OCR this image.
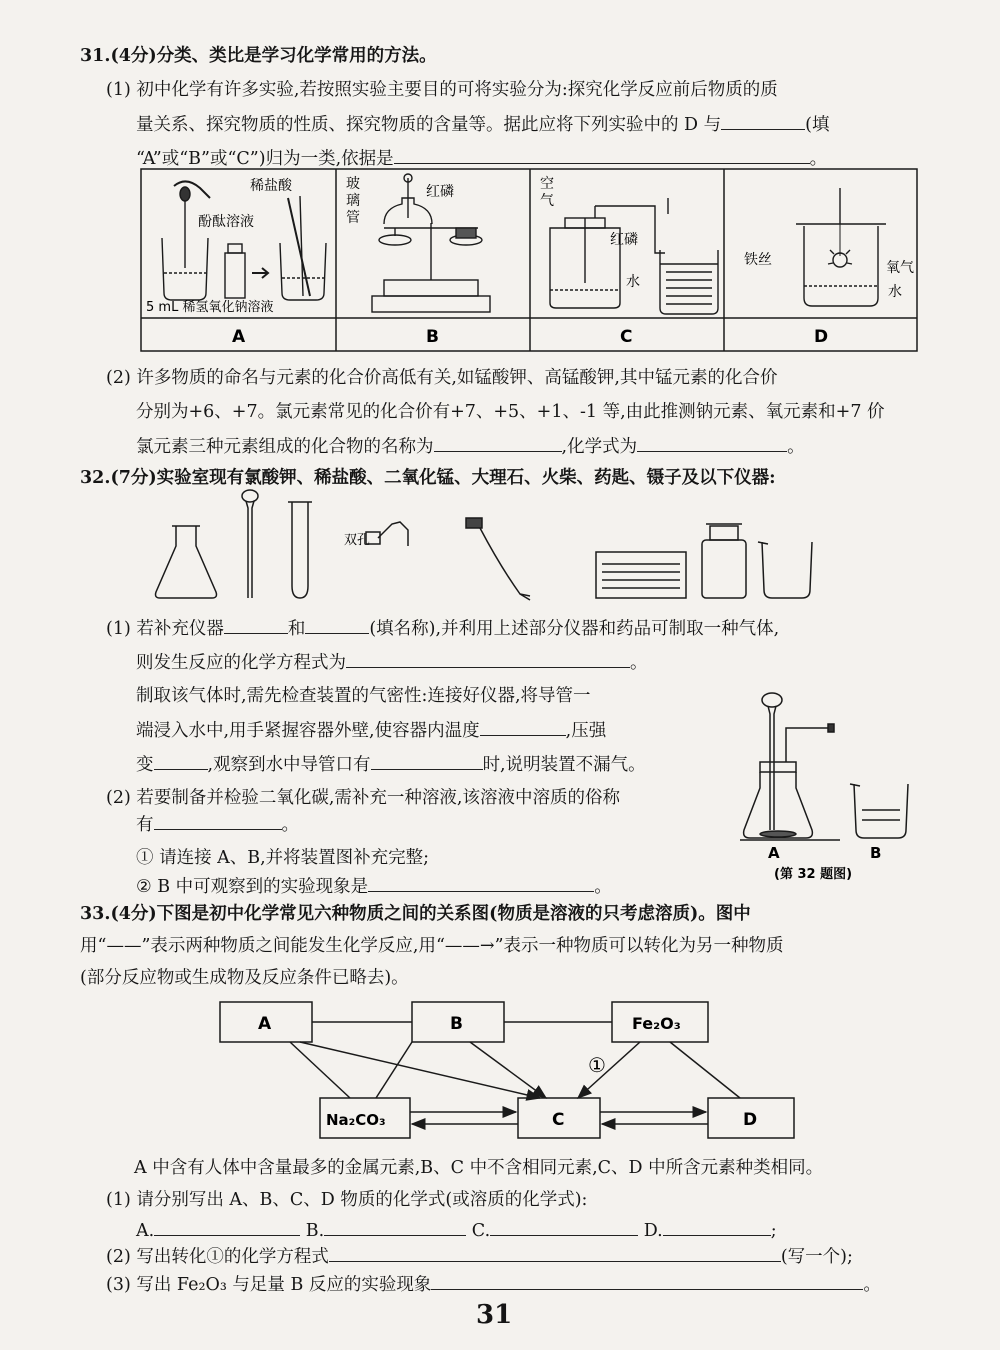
31.(4分)分类、类比是学习化学常用的方法。
(1) 初中化学有许多实验,若按照实验主要目的可将实验分为:探究化学反应前后物质的质
量关系、探究物质的性质、探究物质的含量等。据此应将下列实验中的 D 与	(填
“A”或“B”或“C”)归为一类,依据是	。
稀盐酸
酚酞溶液
5 mL 稀氢氧化钠溶液
A
玻璃管
红磷
B
空气
红磷
水
C
铁丝	氧气
水
D
(2) 许多物质的命名与元素的化合价高低有关,如锰酸钾、高锰酸钾,其中锰元素的化合价
分别为+6、+7。氯元素常见的化合价有+7、+5、+1、-1 等,由此推测钠元素、氧元素和+7 价
氯元素三种元素组成的化合物的名称为	,化学式为	。
32.(7分)实验室现有氯酸钾、稀盐酸、二氧化锰、大理石、火柴、药匙、镊子及以下仪器:
双孔
(1) 若补充仪器	和	(填名称),并利用上述部分仪器和药品可制取一种气体,
则发生反应的化学方程式为	。
制取该气体时,需先检查装置的气密性:连接好仪器,将导管一
端浸入水中,用手紧握容器外壁,使容器内温度	,压强
变	,观察到水中导管口有	时,说明装置不漏气。
(2) 若要制备并检验二氧化碳,需补充一种溶液,该溶液中溶质的俗称
有	。
① 请连接 A、B,并将装置图补充完整;
② B 中可观察到的实验现象是	。
A	B
(第 32 题图)
33.(4分)下图是初中化学常见六种物质之间的关系图(物质是溶液的只考虑溶质)。图中
用“——”表示两种物质之间能发生化学反应,用“——→”表示一种物质可以转化为另一种物质
(部分反应物或生成物及反应条件已略去)。
A	B	Fe₂O₃
Na₂CO₃	C	D
①
A 中含有人体中含量最多的金属元素,B、C 中不含相同元素,C、D 中所含元素种类相同。
(1) 请分别写出 A、B、C、D 物质的化学式(或溶质的化学式):
A.	B.	C.	D.	;
(2) 写出转化①的化学方程式	(写一个);
(3) 写出 Fe₂O₃ 与足量 B 反应的实验现象	。
31
